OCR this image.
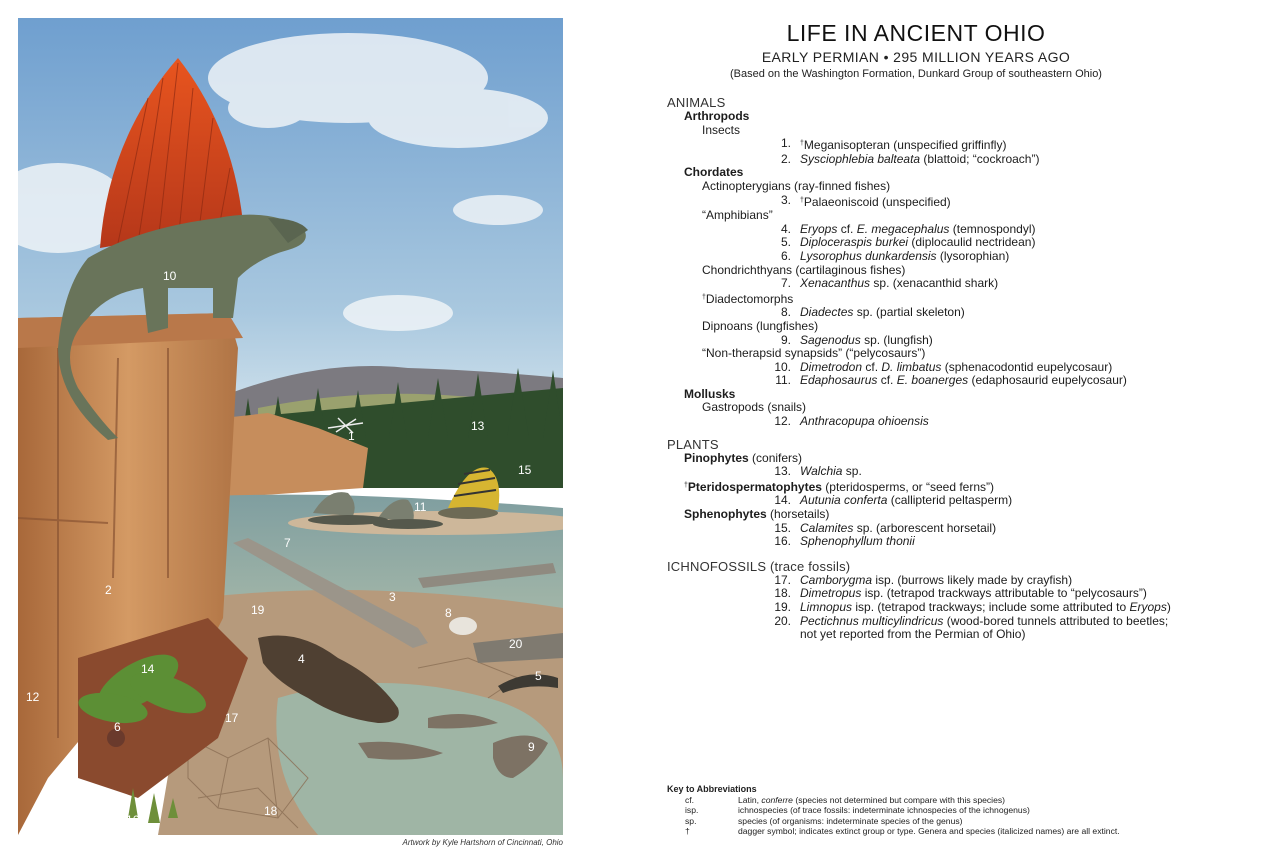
10
1
13
15
11
7
2
19
3
8
20
4
14	5
12
17
6
9
16
18
Artwork by Kyle Hartshorn of Cincinnati, Ohio
LIFE IN ANCIENT OHIO
EARLY PERMIAN • 295 MILLION YEARS AGO
(Based on the Washington Formation, Dunkard Group of southeastern Ohio)
ANIMALS
Arthropods
Insects
1.	†Meganisopteran (unspecified griffinfly)
2. Sysciophlebia balteata (blattoid; “cockroach”)
Chordates
Actinopterygians (ray-finned fishes)
3.	†Palaeoniscoid (unspecified)
“Amphibians”
4. Eryops cf. E. megacephalus (temnospondyl)
5. Diploceraspis burkei (diplocaulid nectridean)
6. Lysorophus dunkardensis (lysorophian)
Chondrichthyans (cartilaginous fishes)
7. Xenacanthus sp. (xenacanthid shark)
†Diadectomorphs
8. Diadectes sp. (partial skeleton)
Dipnoans (lungfishes)
9. Sagenodus sp. (lungfish)
“Non-therapsid synapsids” (“pelycosaurs”)
10. Dimetrodon cf. D. limbatus (sphenacodontid eupelycosaur)
11. Edaphosaurus cf. E. boanerges (edaphosaurid eupelycosaur)
Mollusks
Gastropods (snails)
12. Anthracopupa ohioensis
PLANTS
Pinophytes (conifers)
13. Walchia sp.
†Pteridospermatophytes (pteridosperms, or “seed ferns”)
14. Autunia conferta (callipterid peltasperm)
Sphenophytes (horsetails)
15. Calamites sp. (arborescent horsetail)
16. Sphenophyllum thonii
ICHNOFOSSILS (trace fossils)
17. Camborygma isp. (burrows likely made by crayfish)
18. Dimetropus isp. (tetrapod trackways attributable to “pelycosaurs”)
19. Limnopus isp. (tetrapod trackways; include some attributed to Eryops)
20. Pectichnus multicylindricus (wood-bored tunnels attributed to beetles;
not yet reported from the Permian of Ohio)
Key to Abbreviations
cf.	Latin, conferre (species not determined but compare with this species)
isp.	ichnospecies (of trace fossils: indeterminate ichnospecies of the ichnogenus)
sp.	species (of organisms: indeterminate species of the genus)
†	dagger symbol; indicates extinct group or type. Genera and species (italicized names) are all extinct.
